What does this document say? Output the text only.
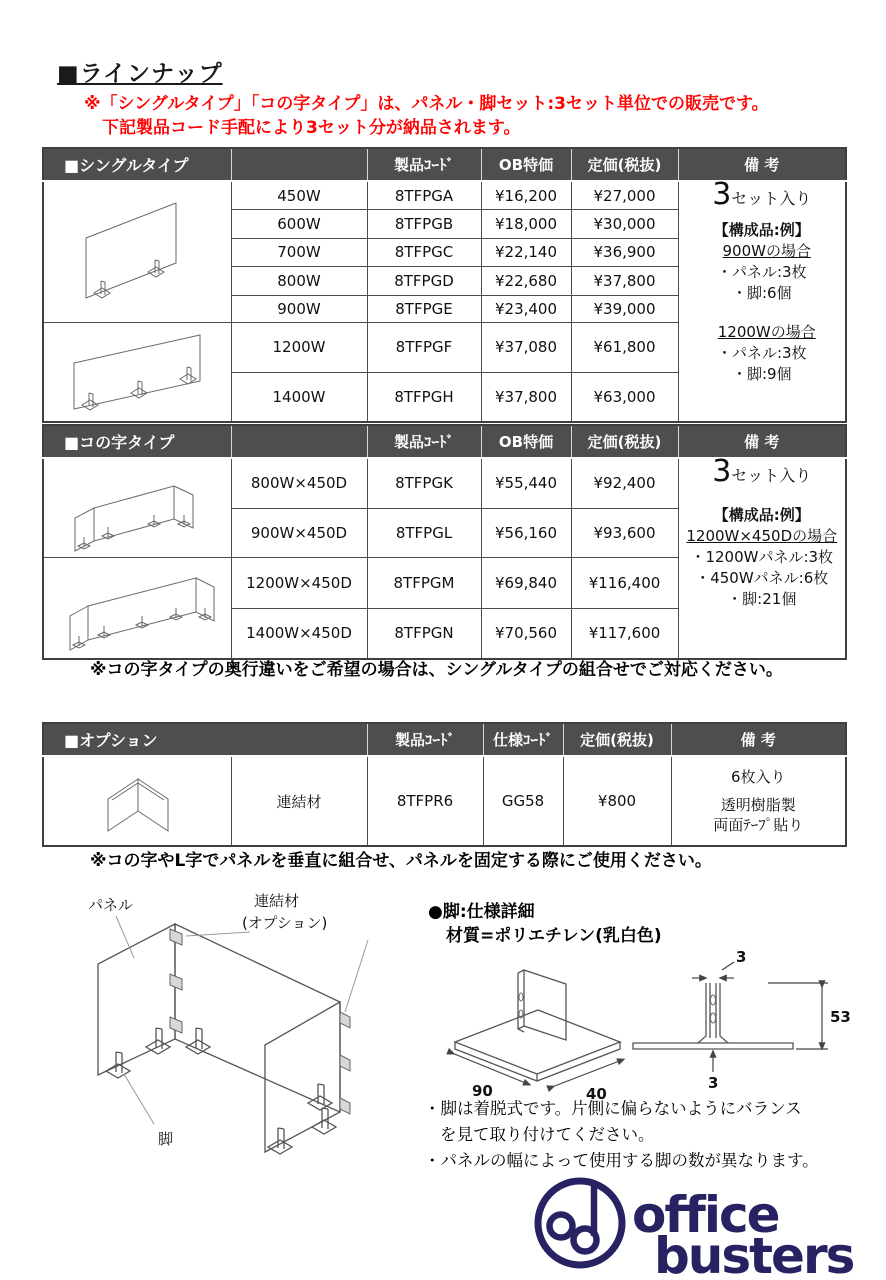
■ラインナップ
※「シングルタイプ」「コの字タイプ」は、パネル・脚セット:3セット単位での販売です。
下記製品コード手配により3セット分が納品されます。
■シングルタイプ		製品ｺｰﾄﾞ	OB特価	定価(税抜)	備 考

	450W	8TFPGA	¥16,200	¥27,000	3セット入り
【構成品:例】
900Wの場合
・パネル:3枚
・脚:6個
1200Wの場合
・パネル:3枚
・脚:9個

	600W	8TFPGB	¥18,000	¥30,000	
	700W	8TFPGC	¥22,140	¥36,900	
	800W	8TFPGD	¥22,680	¥37,800	
	900W	8TFPGE	¥23,400	¥39,000	

	1200W	8TFPGF	¥37,080	¥61,800	
	1400W	8TFPGH	¥37,800	¥63,000	
■コの字タイプ		製品ｺｰﾄﾞ	OB特価	定価(税抜)	備 考

	800W×450D	8TFPGK	¥55,440	¥92,400	3セット入り
【構成品:例】
1200W×450Dの場合
・1200Wパネル:3枚
・450Wパネル:6枚
・脚:21個

	900W×450D	8TFPGL	¥56,160	¥93,600	

	1200W×450D	8TFPGM	¥69,840	¥116,400	
	1400W×450D	8TFPGN	¥70,560	¥117,600	
※コの字タイプの奥行違いをご希望の場合は、シングルタイプの組合せでご対応ください。
■オプション		製品ｺｰﾄﾞ	仕様ｺｰﾄﾞ	定価(税抜)	備 考

	連結材	8TFPR6	GG58	¥800	6枚入り
透明樹脂製
両面ﾃｰﾌﾟ貼り
※コの字やL字でパネルを垂直に組合せ、パネルを固定する際にご使用ください。
パネル	連結材
(オプション)
脚
●脚:仕様詳細
材質=ポリエチレン(乳白色)
90	40
3
53
3
・脚は着脱式です。片側に偏らないようにバランス
を見て取り付けてください。
・パネルの幅によって使用する脚の数が異なります。
office
busters
